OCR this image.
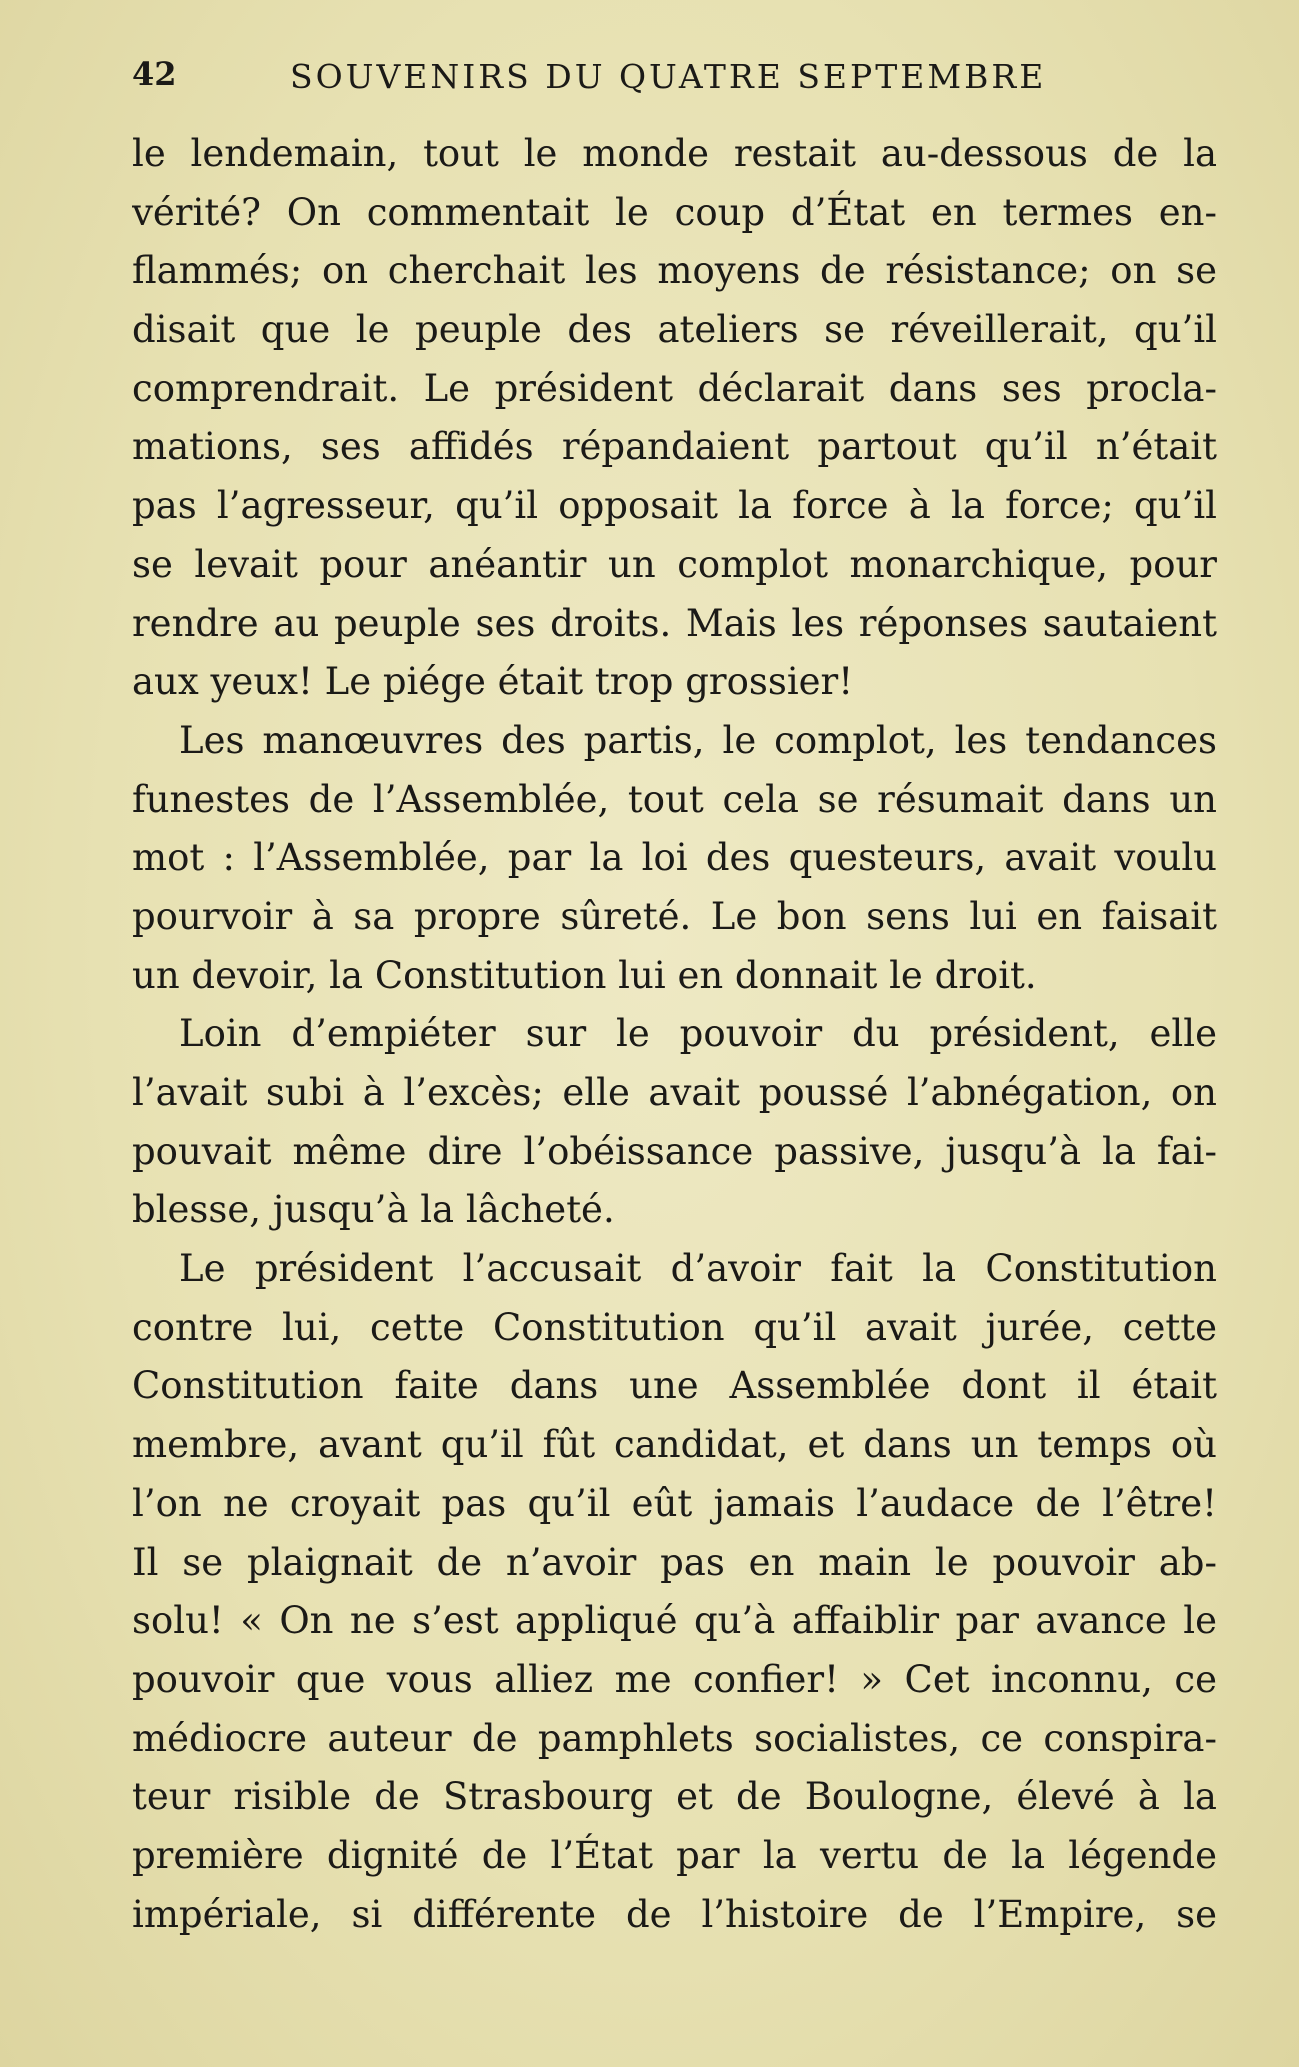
42	SOUVENIRS DU QUATRE SEPTEMBRE
le lendemain, tout le monde restait au-dessous de la
vérité? On commentait le coup d’État en termes en-
flammés; on cherchait les moyens de résistance; on se
disait que le peuple des ateliers se réveillerait, qu’il
comprendrait. Le président déclarait dans ses procla-
mations, ses affidés répandaient partout qu’il n’était
pas l’agresseur, qu’il opposait la force à la force; qu’il
se levait pour anéantir un complot monarchique, pour
rendre au peuple ses droits. Mais les réponses sautaient
aux yeux! Le piége était trop grossier!
Les manœuvres des partis, le complot, les tendances
funestes de l’Assemblée, tout cela se résumait dans un
mot : l’Assemblée, par la loi des questeurs, avait voulu
pourvoir à sa propre sûreté. Le bon sens lui en faisait
un devoir, la Constitution lui en donnait le droit.
Loin d’empiéter sur le pouvoir du président, elle
l’avait subi à l’excès; elle avait poussé l’abnégation, on
pouvait même dire l’obéissance passive, jusqu’à la fai-
blesse, jusqu’à la lâcheté.
Le président l’accusait d’avoir fait la Constitution
contre lui, cette Constitution qu’il avait jurée, cette
Constitution faite dans une Assemblée dont il était
membre, avant qu’il fût candidat, et dans un temps où
l’on ne croyait pas qu’il eût jamais l’audace de l’être!
Il se plaignait de n’avoir pas en main le pouvoir ab-
solu! « On ne s’est appliqué qu’à affaiblir par avance le
pouvoir que vous alliez me confier! » Cet inconnu, ce
médiocre auteur de pamphlets socialistes, ce conspira-
teur risible de Strasbourg et de Boulogne, élevé à la
première dignité de l’État par la vertu de la légende
impériale, si différente de l’histoire de l’Empire, se
